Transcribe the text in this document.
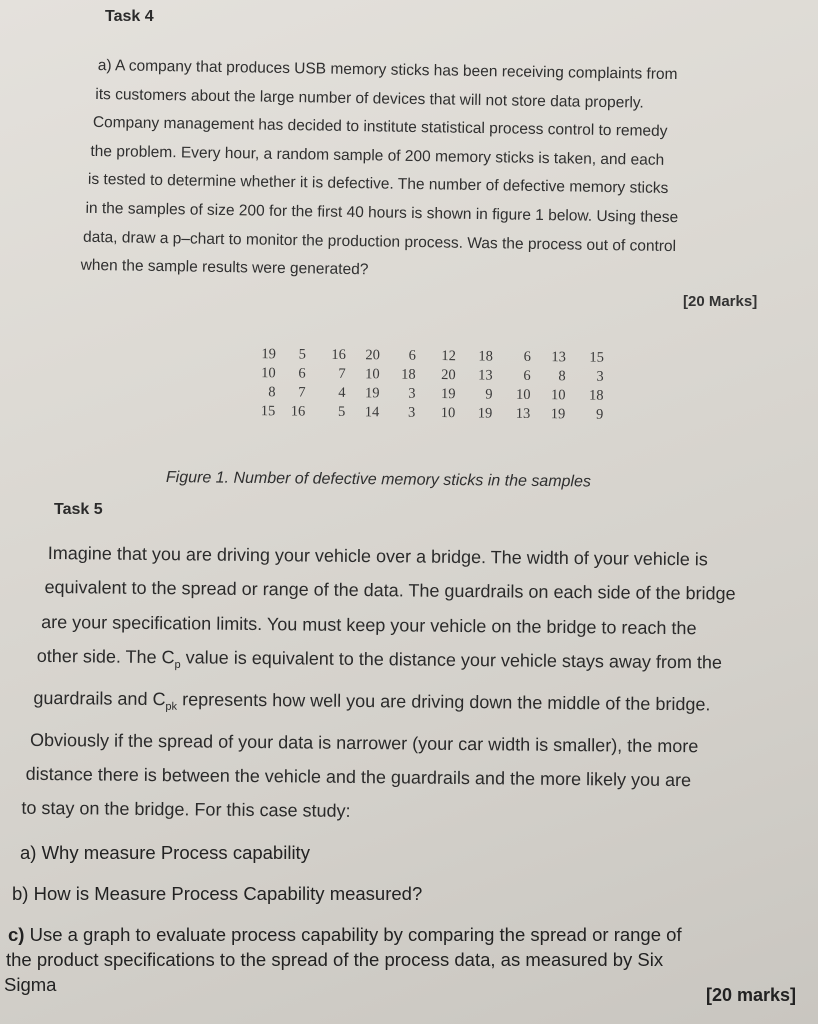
Task 4
a) A company that produces USB memory sticks has been receiving complaints from
its customers about the large number of devices that will not store data properly.
Company management has decided to institute statistical process control to remedy
the problem. Every hour, a random sample of 200 memory sticks is taken, and each
is tested to determine whether it is defective. The number of defective memory sticks
in the samples of size 200 for the first 40 hours is shown in figure 1 below. Using these
data, draw a p–chart to monitor the production process. Was the process out of control
when the sample results were generated?
[20 Marks]
19	5	16	20	6	12	18	6	13	15
10	6	7	10	18	20	13	6	8	3
8	7	4	19	3	19	9	10	10	18
15	16	5	14	3	10	19	13	19	9
Figure 1. Number of defective memory sticks in the samples
Task 5
Imagine that you are driving your vehicle over a bridge. The width of your vehicle is
equivalent to the spread or range of the data. The guardrails on each side of the bridge
are your specification limits. You must keep your vehicle on the bridge to reach the
other side. The $C_p$ value is equivalent to the distance your vehicle stays away from the
guardrails and $C_{pk}$ represents how well you are driving down the middle of the bridge.
Obviously if the spread of your data is narrower (your car width is smaller), the more
distance there is between the vehicle and the guardrails and the more likely you are
to stay on the bridge. For this case study:
a) Why measure Process capability
b) How is Measure Process Capability measured?
c) Use a graph to evaluate process capability by comparing the spread or range of
the product specifications to the spread of the process data, as measured by Six
Sigma	[20 marks]
